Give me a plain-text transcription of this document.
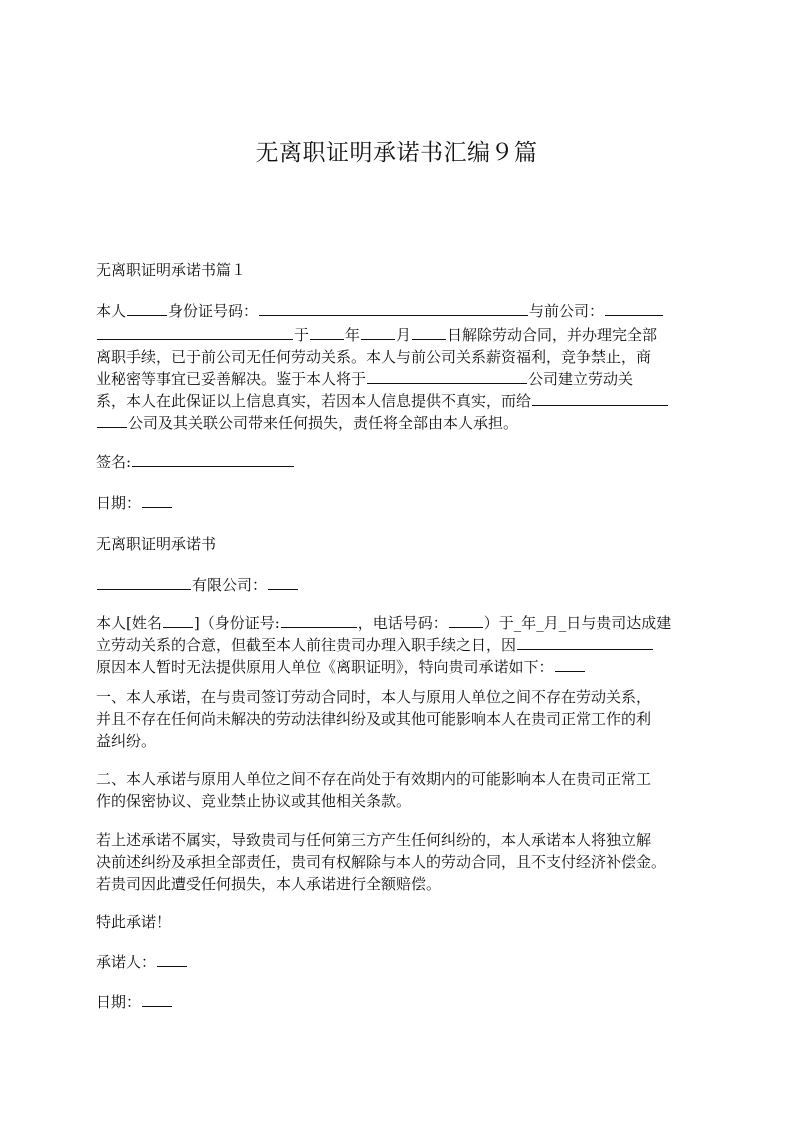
无离职证明承诺书汇编９篇
无离职证明承诺书篇１
本人	身份证号码：	与前公司：
于 年 月 日解除劳动合同，并办理完全部
离职手续，已于前公司无任何劳动关系。本人与前公司关系薪资福利，竞争禁止，商
业秘密等事宜已妥善解决。鉴于本人将于	公司建立劳动关
系，本人在此保证以上信息真实，若因本人信息提供不真实，而给
公司及其关联公司带来任何损失，责任将全部由本人承担。
签名:
日期：
无离职证明承诺书
有限公司：
本人[姓名 ]（身份证号:	，电话号码： ）于_年_月_日与贵司达成建
立劳动关系的合意，但截至本人前往贵司办理入职手续之日，因
原因本人暂时无法提供原用人单位《离职证明》，特向贵司承诺如下：
一、本人承诺，在与贵司签订劳动合同时，本人与原用人单位之间不存在劳动关系，
并且不存在任何尚未解决的劳动法律纠纷及或其他可能影响本人在贵司正常工作的利
益纠纷。
二、本人承诺与原用人单位之间不存在尚处于有效期内的可能影响本人在贵司正常工
作的保密协议、竞业禁止协议或其他相关条款。
若上述承诺不属实，导致贵司与任何第三方产生任何纠纷的，本人承诺本人将独立解
决前述纠纷及承担全部责任，贵司有权解除与本人的劳动合同，且不支付经济补偿金。
若贵司因此遭受任何损失，本人承诺进行全额赔偿。
特此承诺！
承诺人：
日期：
